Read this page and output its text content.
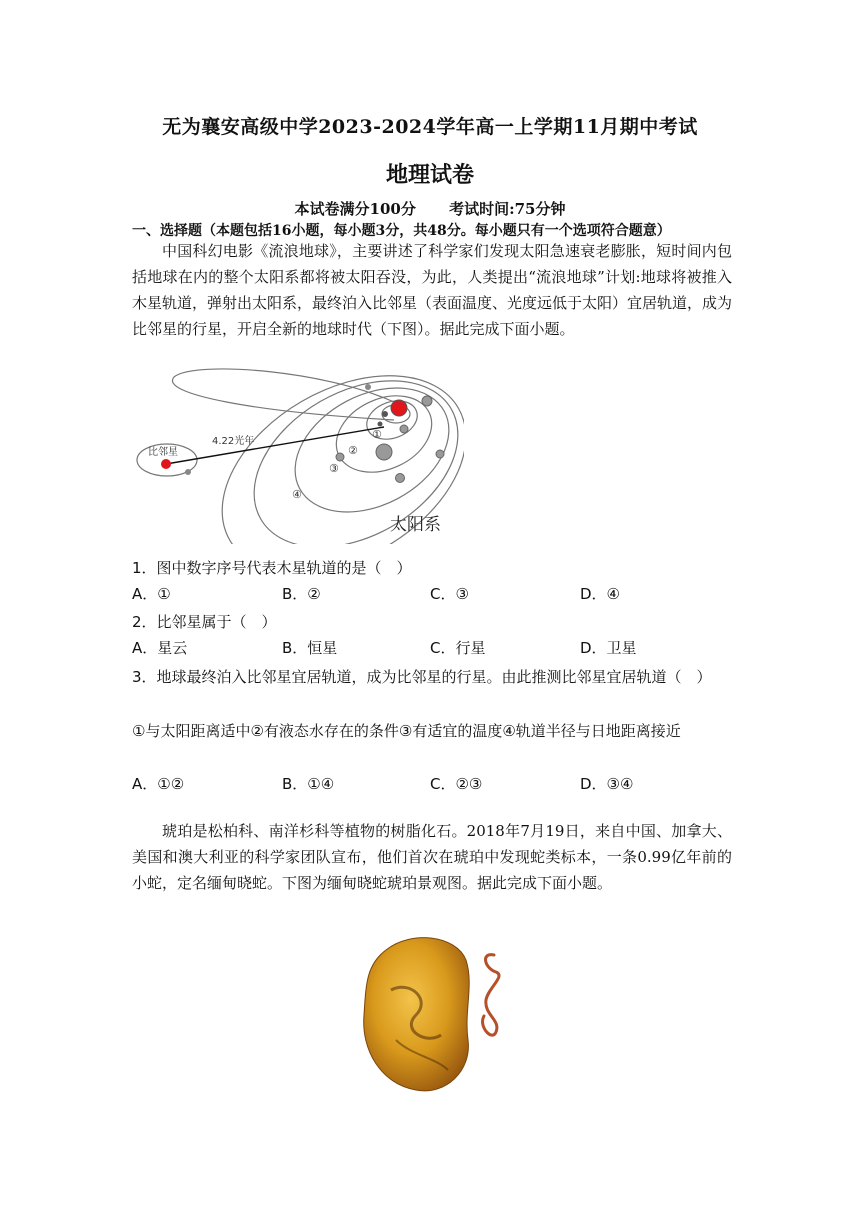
无为襄安高级中学2023-2024学年高一上学期11月期中考试
地理试卷
本试卷满分100分 考试时间:75分钟
一、选择题（本题包括16小题，每小题3分，共48分。每小题只有一个选项符合题意）

中国科幻电影《流浪地球》，主要讲述了科学家们发现太阳急速衰老膨胀，短时间内包括地球在内的整个太阳系都将被太阳吞没，为此，人类提出“流浪地球”计划:地球将被推入木星轨道，弹射出太阳系，最终泊入比邻星（表面温度、光度远低于太阳）宜居轨道，成为比邻星的行星，开启全新的地球时代（下图）。据此完成下面小题。

比邻星
4.22光年
①
②
③
④
太阳系
1．图中数字序号代表木星轨道的是（　）
A．①	B．②	C．③	D．④
2．比邻星属于（　）
A．星云	B．恒星	C．行星	D．卫星
3．地球最终泊入比邻星宜居轨道，成为比邻星的行星。由此推测比邻星宜居轨道（　）
①与太阳距离适中②有液态水存在的条件③有适宜的温度④轨道半径与日地距离接近
A．①②	B．①④	C．②③	D．③④

琥珀是松柏科、南洋杉科等植物的树脂化石。2018年7月19日，来自中国、加拿大、美国和澳大利亚的科学家团队宣布，他们首次在琥珀中发现蛇类标本，一条0.99亿年前的小蛇，定名缅甸晓蛇。下图为缅甸晓蛇琥珀景观图。据此完成下面小题。
